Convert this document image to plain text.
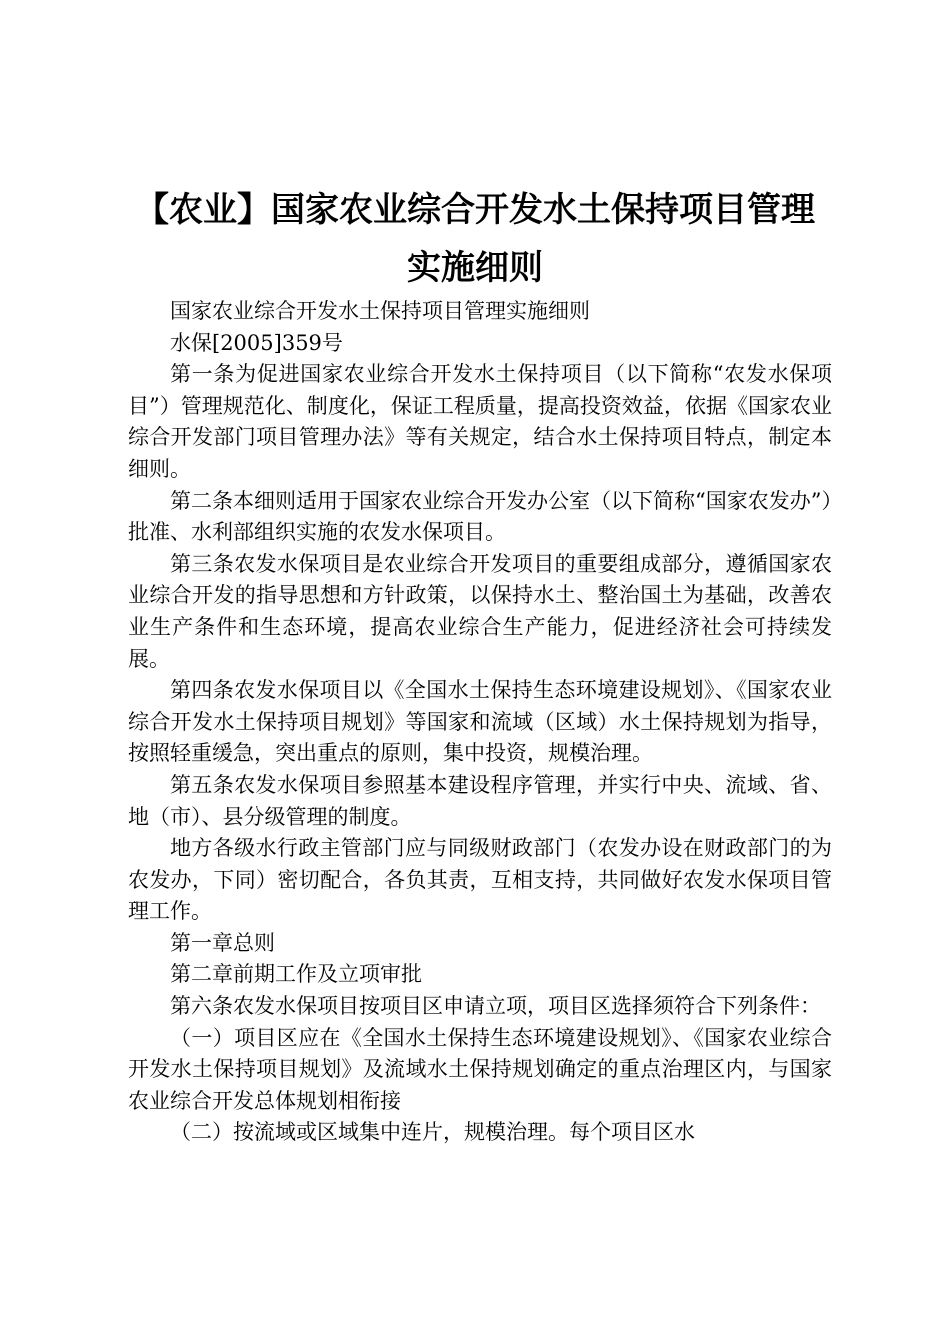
【农业】国家农业综合开发水土保持项目管理
实施细则

国家农业综合开发水土保持项目管理实施细则

水保[2005]359号

第一条为促进国家农业综合开发水土保持项目（以下简称“农发水保项目”）管理规范化、制度化，保证工程质量，提高投资效益，依据《国家农业综合开发部门项目管理办法》等有关规定，结合水土保持项目特点，制定本细则。

第二条本细则适用于国家农业综合开发办公室（以下简称“国家农发办”）批准、水利部组织实施的农发水保项目。

第三条农发水保项目是农业综合开发项目的重要组成部分，遵循国家农业综合开发的指导思想和方针政策，以保持水土、整治国土为基础，改善农业生产条件和生态环境，提高农业综合生产能力，促进经济社会可持续发展。

第四条农发水保项目以《全国水土保持生态环境建设规划》、《国家农业综合开发水土保持项目规划》等国家和流域（区域）水土保持规划为指导，按照轻重缓急，突出重点的原则，集中投资，规模治理。

第五条农发水保项目参照基本建设程序管理，并实行中央、流域、省、地（市）、县分级管理的制度。

地方各级水行政主管部门应与同级财政部门（农发办设在财政部门的为农发办，下同）密切配合，各负其责，互相支持，共同做好农发水保项目管理工作。

第一章总则

第二章前期工作及立项审批

第六条农发水保项目按项目区申请立项，项目区选择须符合下列条件：

（一）项目区应在《全国水土保持生态环境建设规划》、《国家农业综合开发水土保持项目规划》及流域水土保持规划确定的重点治理区内，与国家农业综合开发总体规划相衔接

（二）按流域或区域集中连片，规模治理。每个项目区水
